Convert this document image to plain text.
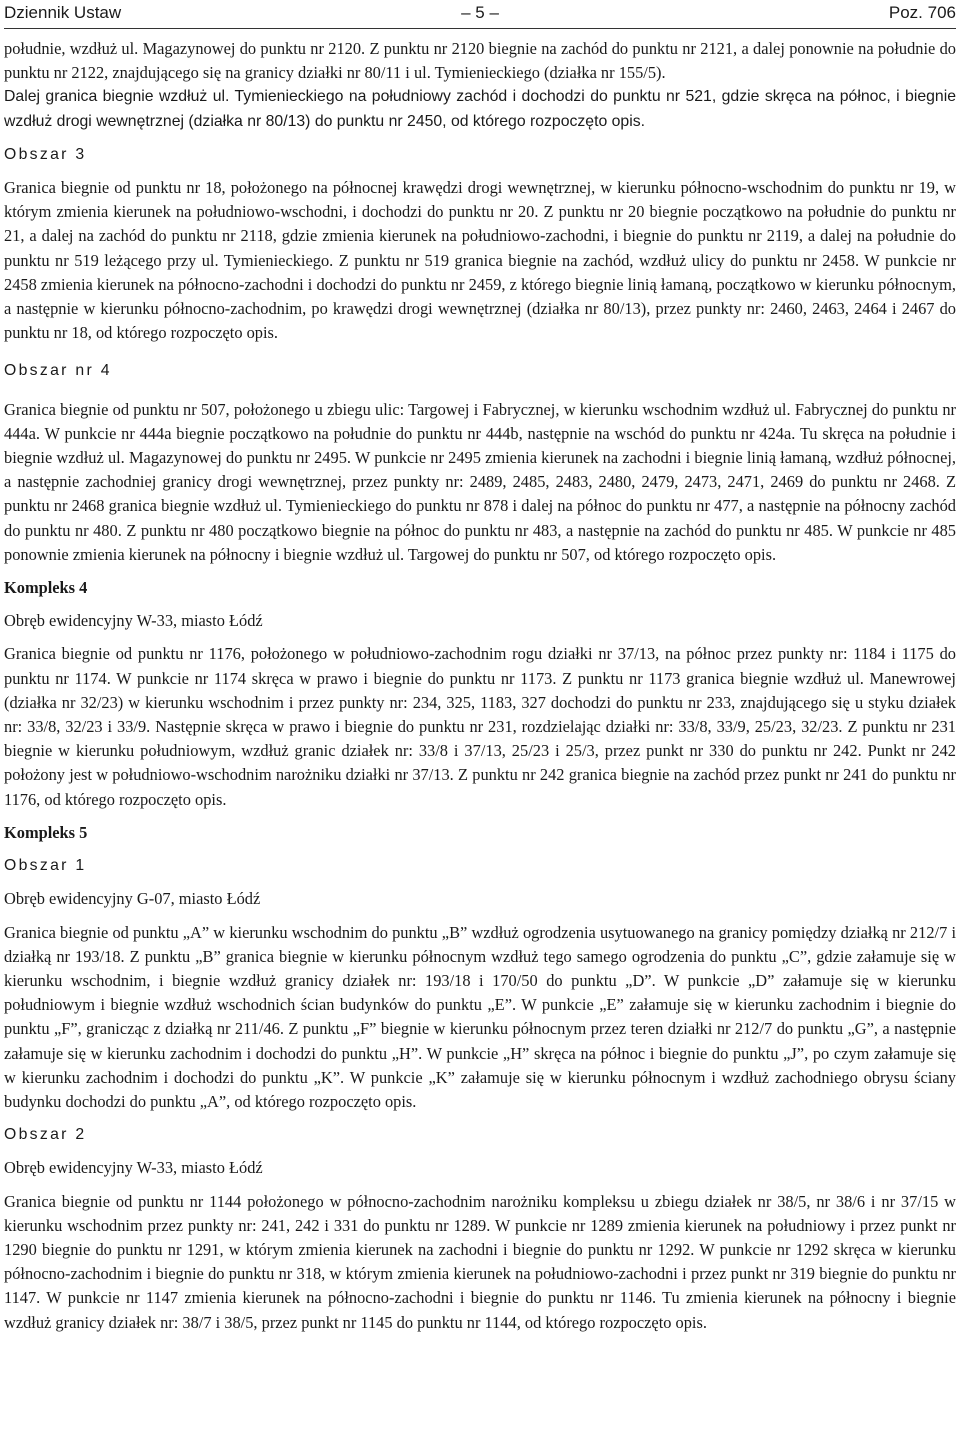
Dziennik Ustaw	– 5 –	Poz. 706

południe, wzdłuż ul. Magazynowej do punktu nr 2120. Z punktu nr 2120 biegnie na zachód do punktu nr 2121, a dalej ponownie na południe do punktu nr 2122, znajdującego się na granicy działki nr 80/11 i ul. Tymienieckiego (działka nr 155/5).

Dalej granica biegnie wzdłuż ul. Tymienieckiego na południowy zachód i dochodzi do punktu nr 521, gdzie skręca na północ, i biegnie wzdłuż drogi wewnętrznej (działka nr 80/13) do punktu nr 2450, od którego rozpoczęto opis.

Obszar 3

Granica biegnie od punktu nr 18, położonego na północnej krawędzi drogi wewnętrznej, w kierunku północno-wschodnim do punktu nr 19, w którym zmienia kierunek na południowo-wschodni, i dochodzi do punktu nr 20. Z punktu nr 20 biegnie początkowo na południe do punktu nr 21, a dalej na zachód do punktu nr 2118, gdzie zmienia kierunek na południowo-zachodni, i biegnie do punktu nr 2119, a dalej na południe do punktu nr 519 leżącego przy ul. Tymienieckiego. Z punktu nr 519 granica biegnie na zachód, wzdłuż ulicy do punktu nr 2458. W punkcie nr 2458 zmienia kierunek na północno-zachodni i dochodzi do punktu nr 2459, z którego biegnie linią łamaną, początkowo w kierunku północnym, a następnie w kierunku północno-zachodnim, po krawędzi drogi wewnętrznej (działka nr 80/13), przez punkty nr: 2460, 2463, 2464 i 2467 do punktu nr 18, od którego rozpoczęto opis.

Obszar nr 4

Granica biegnie od punktu nr 507, położonego u zbiegu ulic: Targowej i Fabrycznej, w kierunku wschodnim wzdłuż ul. Fabrycznej do punktu nr 444a. W punkcie nr 444a biegnie początkowo na południe do punktu nr 444b, następnie na wschód do punktu nr 424a. Tu skręca na południe i biegnie wzdłuż ul. Magazynowej do punktu nr 2495. W punkcie nr 2495 zmienia kierunek na zachodni i biegnie linią łamaną, wzdłuż północnej, a następnie zachodniej granicy drogi wewnętrznej, przez punkty nr: 2489, 2485, 2483, 2480, 2479, 2473, 2471, 2469 do punktu nr 2468. Z punktu nr 2468 granica biegnie wzdłuż ul. Tymienieckiego do punktu nr 878 i dalej na północ do punktu nr 477, a następnie na północny zachód do punktu nr 480. Z punktu nr 480 początkowo biegnie na północ do punktu nr 483, a następnie na zachód do punktu nr 485. W punkcie nr 485 ponownie zmienia kierunek na północny i biegnie wzdłuż ul. Targowej do punktu nr 507, od którego rozpoczęto opis.

Kompleks 4

Obręb ewidencyjny W-33, miasto Łódź

Granica biegnie od punktu nr 1176, położonego w południowo-zachodnim rogu działki nr 37/13, na północ przez punkty nr: 1184 i 1175 do punktu nr 1174. W punkcie nr 1174 skręca w prawo i biegnie do punktu nr 1173. Z punktu nr 1173 granica biegnie wzdłuż ul. Manewrowej (działka nr 32/23) w kierunku wschodnim i przez punkty nr: 234, 325, 1183, 327 dochodzi do punktu nr 233, znajdującego się u styku działek nr: 33/8, 32/23 i 33/9. Następnie skręca w prawo i biegnie do punktu nr 231, rozdzielając działki nr: 33/8, 33/9, 25/23, 32/23. Z punktu nr 231 biegnie w kierunku południowym, wzdłuż granic działek nr: 33/8 i 37/13, 25/23 i 25/3, przez punkt nr 330 do punktu nr 242. Punkt nr 242 położony jest w południowo-wschodnim narożniku działki nr 37/13. Z punktu nr 242 granica biegnie na zachód przez punkt nr 241 do punktu nr 1176, od którego rozpoczęto opis.

Kompleks 5

Obszar 1

Obręb ewidencyjny G-07, miasto Łódź

Granica biegnie od punktu „A” w kierunku wschodnim do punktu „B” wzdłuż ogrodzenia usytuowanego na granicy pomiędzy działką nr 212/7 i działką nr 193/18. Z punktu „B” granica biegnie w kierunku północnym wzdłuż tego samego ogrodzenia do punktu „C”, gdzie załamuje się w kierunku wschodnim, i biegnie wzdłuż granicy działek nr: 193/18 i 170/50 do punktu „D”. W punkcie „D” załamuje się w kierunku południowym i biegnie wzdłuż wschodnich ścian budynków do punktu „E”. W punkcie „E” załamuje się w kierunku zachodnim i biegnie do punktu „F”, granicząc z działką nr 211/46. Z punktu „F” biegnie w kierunku północnym przez teren działki nr 212/7 do punktu „G”, a następnie załamuje się w kierunku zachodnim i dochodzi do punktu „H”. W punkcie „H” skręca na północ i biegnie do punktu „J”, po czym załamuje się w kierunku zachodnim i dochodzi do punktu „K”. W punkcie „K” załamuje się w kierunku północnym i wzdłuż zachodniego obrysu ściany budynku dochodzi do punktu „A”, od którego rozpoczęto opis.

Obszar 2

Obręb ewidencyjny W-33, miasto Łódź

Granica biegnie od punktu nr 1144 położonego w północno-zachodnim narożniku kompleksu u zbiegu działek nr 38/5, nr 38/6 i nr 37/15 w kierunku wschodnim przez punkty nr: 241, 242 i 331 do punktu nr 1289. W punkcie nr 1289 zmienia kierunek na południowy i przez punkt nr 1290 biegnie do punktu nr 1291, w którym zmienia kierunek na zachodni i biegnie do punktu nr 1292. W punkcie nr 1292 skręca w kierunku północno-zachodnim i biegnie do punktu nr 318, w którym zmienia kierunek na południowo-zachodni i przez punkt nr 319 biegnie do punktu nr 1147. W punkcie nr 1147 zmienia kierunek na północno-zachodni i biegnie do punktu nr 1146. Tu zmienia kierunek na północny i biegnie wzdłuż granicy działek nr: 38/7 i 38/5, przez punkt nr 1145 do punktu nr 1144, od którego rozpoczęto opis.
